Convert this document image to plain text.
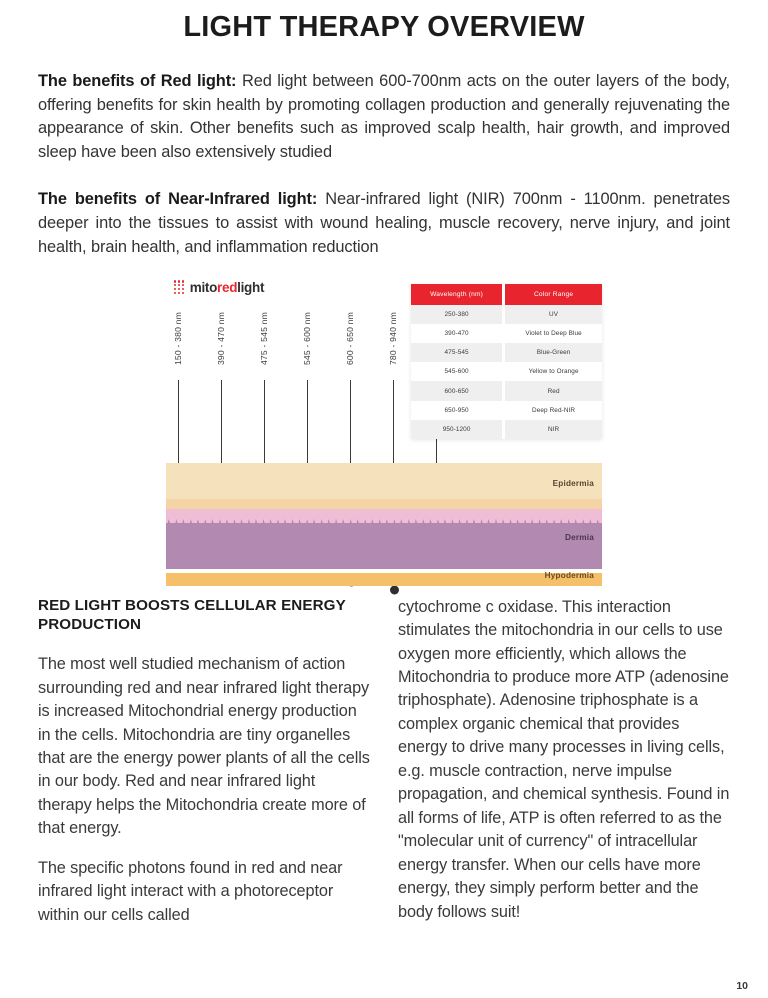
LIGHT THERAPY OVERVIEW

The benefits of Red light: Red light between 600-700nm acts on the outer layers of the body, offering benefits for skin health by promoting collagen production and generally rejuvenating the appearance of skin. Other benefits such as improved scalp health, hair growth, and improved sleep have been also extensively studied

The benefits of Near-Infrared light: Near-infrared light (NIR) 700nm - 1100nm. penetrates deeper into the tissues to assist with wound healing, muscle recovery, nerve injury, and joint health, brain health, and inflammation reduction

mitoredlight
150 - 380 nm	390 - 470 nm	475 - 545 nm	545 - 600 nm	600 - 650 nm	780 - 940 nm
Wavelength (nm)	Color Range
250-380	UV
390-470	Violet to Deep Blue
475-545	Blue-Green
545-600	Yellow to Orange
600-650	Red
650-950	Deep Red-NIR
950-1200	NIR
Epidermia
Dermia
Hypodermia
RED LIGHT BOOSTS CELLULAR ENERGY PRODUCTION

The most well studied mechanism of action surrounding red and near infrared light therapy is increased Mitochondrial energy production in the cells. Mitochondria are tiny organelles that are the energy power plants of all the cells in our body. Red and near infrared light therapy helps the Mitochondria create more of that energy.

The specific photons found in red and near infrared light interact with a photoreceptor within our cells called

cytochrome c oxidase. This interaction stimulates the mitochondria in our cells to use oxygen more efficiently, which allows the Mitochondria to produce more ATP (adenosine triphosphate). Adenosine triphosphate is a complex organic chemical that provides energy to drive many processes in living cells, e.g. muscle contraction, nerve impulse propagation, and chemical synthesis. Found in all forms of life, ATP is often referred to as the "molecular unit of currency" of intracellular energy transfer. When our cells have more energy, they simply perform better and the body follows suit!

10
